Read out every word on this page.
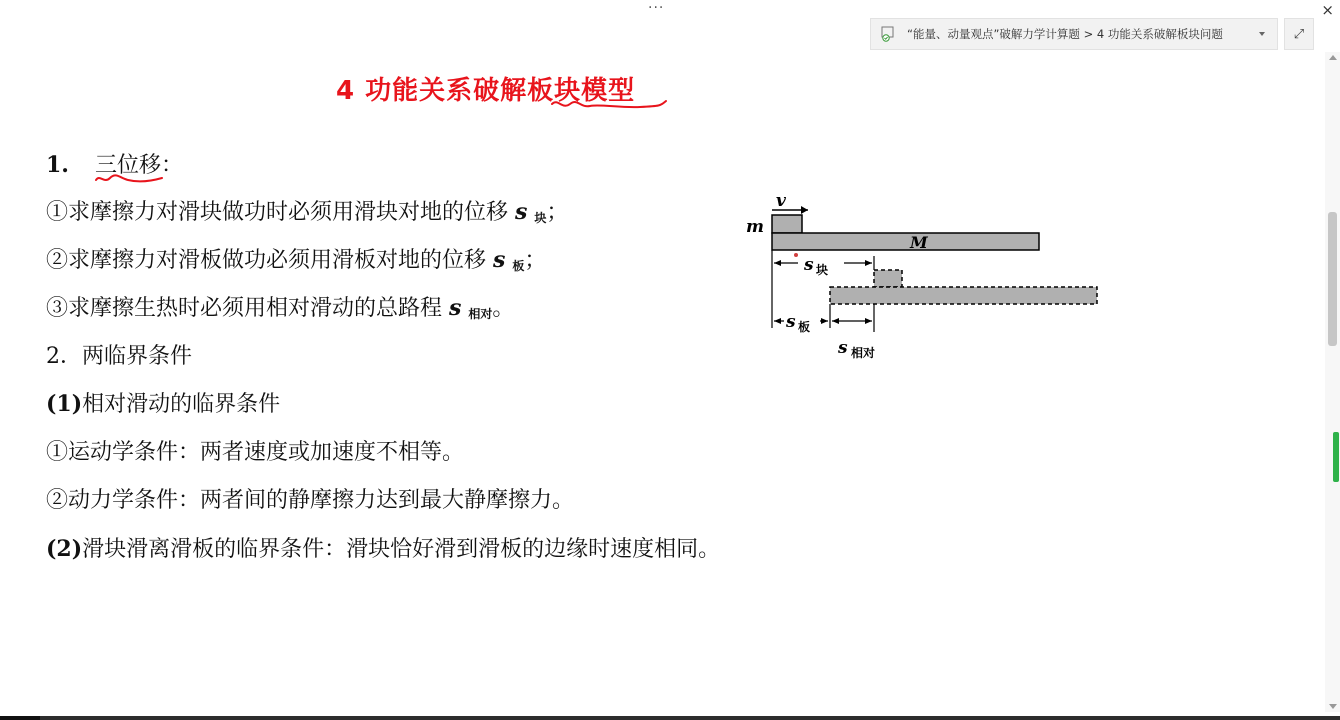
···	×
“能量、动量观点”破解力学计算题 > 4 功能关系破解板块问题	⤢
4 功能关系破解板块模型
1. 三位移：
①求摩擦力对滑块做功时必须用滑块对地的位移 s $_块$；
②求摩擦力对滑板做功必须用滑板对地的位移 s $_板$；
③求摩擦生热时必须用相对滑动的总路程 s $_{相对}$。
2．两临界条件
(1)相对滑动的临界条件
①运动学条件：两者速度或加速度不相等。
②动力学条件：两者间的静摩擦力达到最大静摩擦力。
(2)滑块滑离滑板的临界条件：滑块恰好滑到滑板的边缘时速度相同。
v
m
M
s 块
s 板
s 相对
